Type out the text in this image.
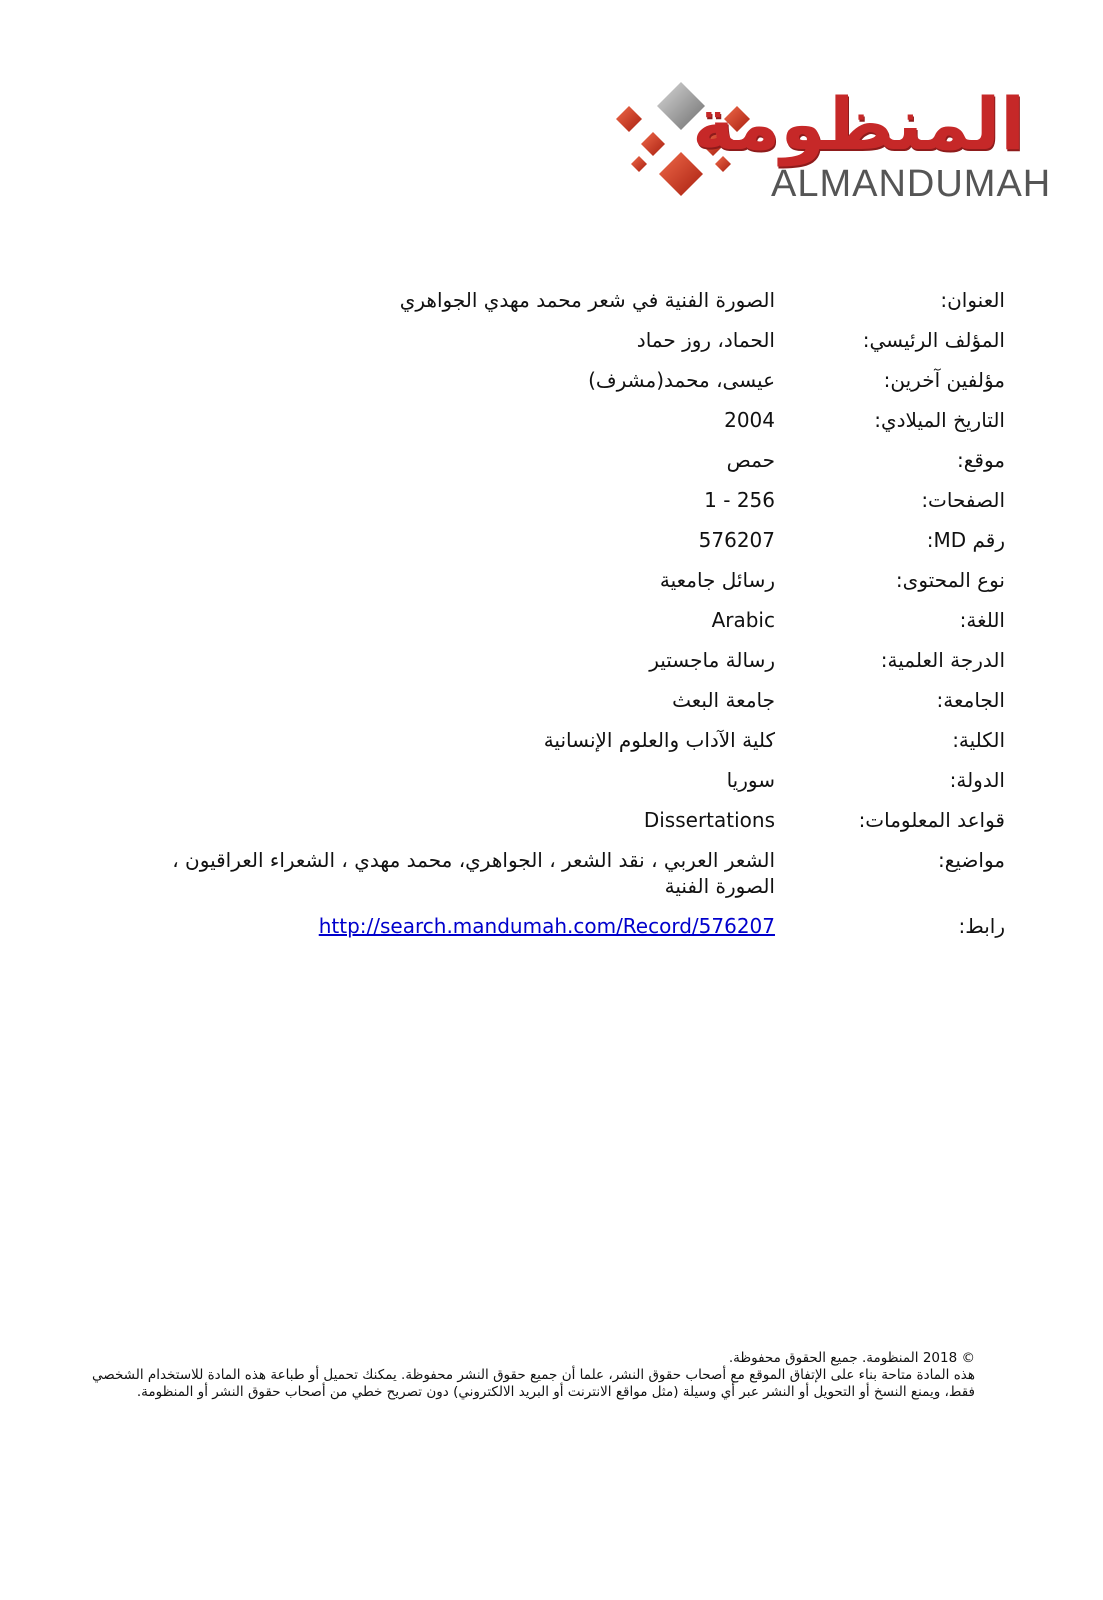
المنظومة
ALMANDUMAH
العنوان:
الصورة الفنية في شعر محمد مهدي الجواهري
المؤلف الرئيسي:
الحماد، روز حماد
مؤلفين آخرين:
عيسى، محمد(مشرف)
التاريخ الميلادي:
2004
موقع:
حمص
الصفحات:
1 - 256
رقم MD:
576207
نوع المحتوى:
رسائل جامعية
اللغة:
Arabic
الدرجة العلمية:
رسالة ماجستير
الجامعة:
جامعة البعث
الكلية:
كلية الآداب والعلوم الإنسانية
الدولة:
سوريا
قواعد المعلومات:
Dissertations
مواضيع:
الشعر العربي ، نقد الشعر ، الجواهري، محمد مهدي ، الشعراء العراقيون ، الصورة الفنية
رابط:
http://search.mandumah.com/Record/576207
© 2018 المنظومة. جميع الحقوق محفوظة.
هذه المادة متاحة بناء على الإتفاق الموقع مع أصحاب حقوق النشر، علما أن جميع حقوق النشر محفوظة. يمكنك تحميل أو طباعة هذه المادة للاستخدام الشخصي فقط، ويمنع النسخ أو التحويل أو النشر عبر أي وسيلة (مثل مواقع الانترنت أو البريد الالكتروني) دون تصريح خطي من أصحاب حقوق النشر أو المنظومة.
